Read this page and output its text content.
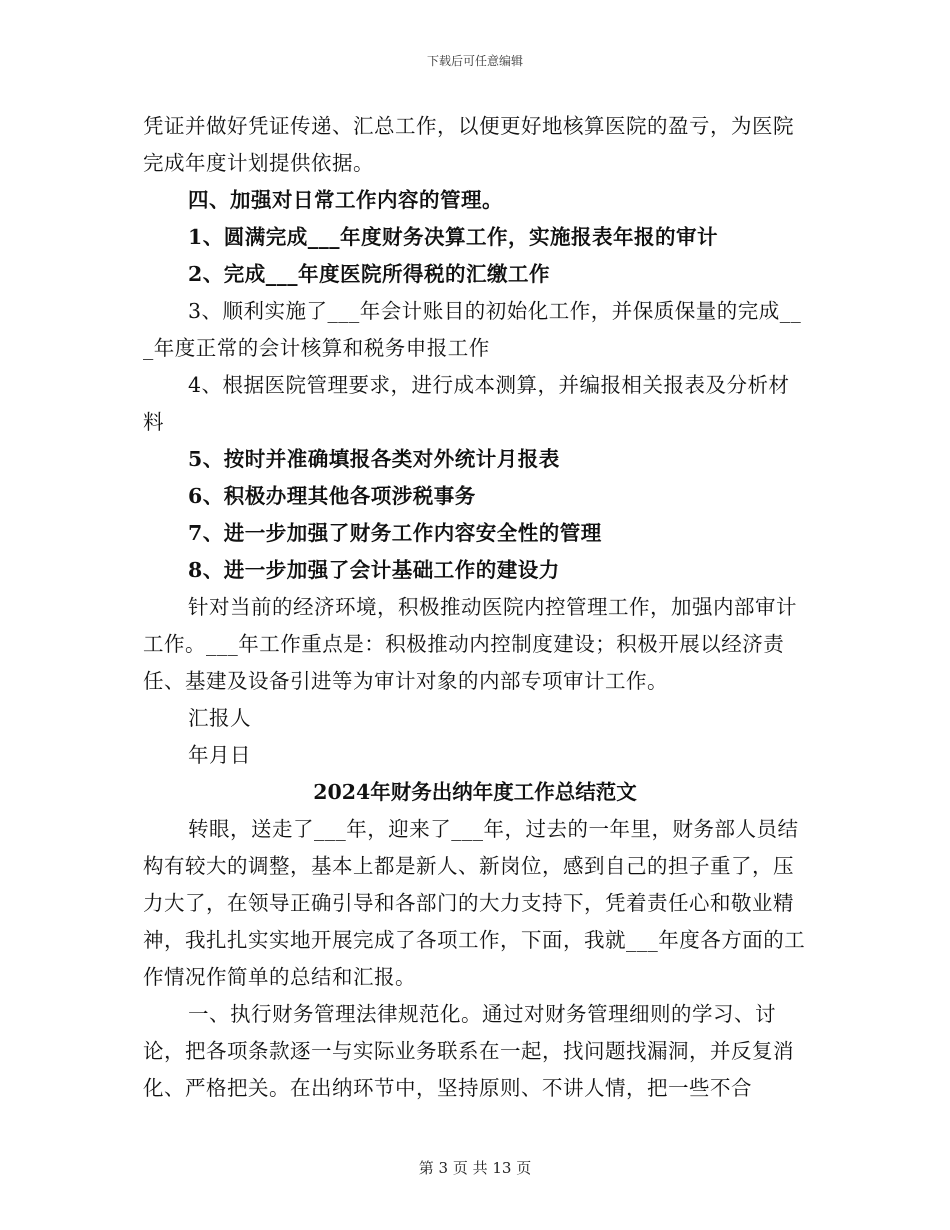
下载后可任意编辑

凭证并做好凭证传递、汇总工作，以便更好地核算医院的盈亏，为医院完成年度计划提供依据。

四、加强对日常工作内容的管理。

1、圆满完成___年度财务决算工作，实施报表年报的审计

2、完成___年度医院所得税的汇缴工作

3、顺利实施了___年会计账目的初始化工作，并保质保量的完成___年度正常的会计核算和税务申报工作

4、根据医院管理要求，进行成本测算，并编报相关报表及分析材料

5、按时并准确填报各类对外统计月报表

6、积极办理其他各项涉税事务

7、进一步加强了财务工作内容安全性的管理

8、进一步加强了会计基础工作的建设力

针对当前的经济环境，积极推动医院内控管理工作，加强内部审计工作。___年工作重点是：积极推动内控制度建设；积极开展以经济责任、基建及设备引进等为审计对象的内部专项审计工作。

汇报人

年月日

2024年财务出纳年度工作总结范文

转眼，送走了___年，迎来了___年，过去的一年里，财务部人员结构有较大的调整，基本上都是新人、新岗位，感到自己的担子重了，压力大了，在领导正确引导和各部门的大力支持下，凭着责任心和敬业精神，我扎扎实实地开展完成了各项工作，下面，我就___年度各方面的工作情况作简单的总结和汇报。

一、执行财务管理法律规范化。通过对财务管理细则的学习、讨论，把各项条款逐一与实际业务联系在一起，找问题找漏洞，并反复消化、严格把关。在出纳环节中，坚持原则、不讲人情，把一些不合

第 3 页 共 13 页
